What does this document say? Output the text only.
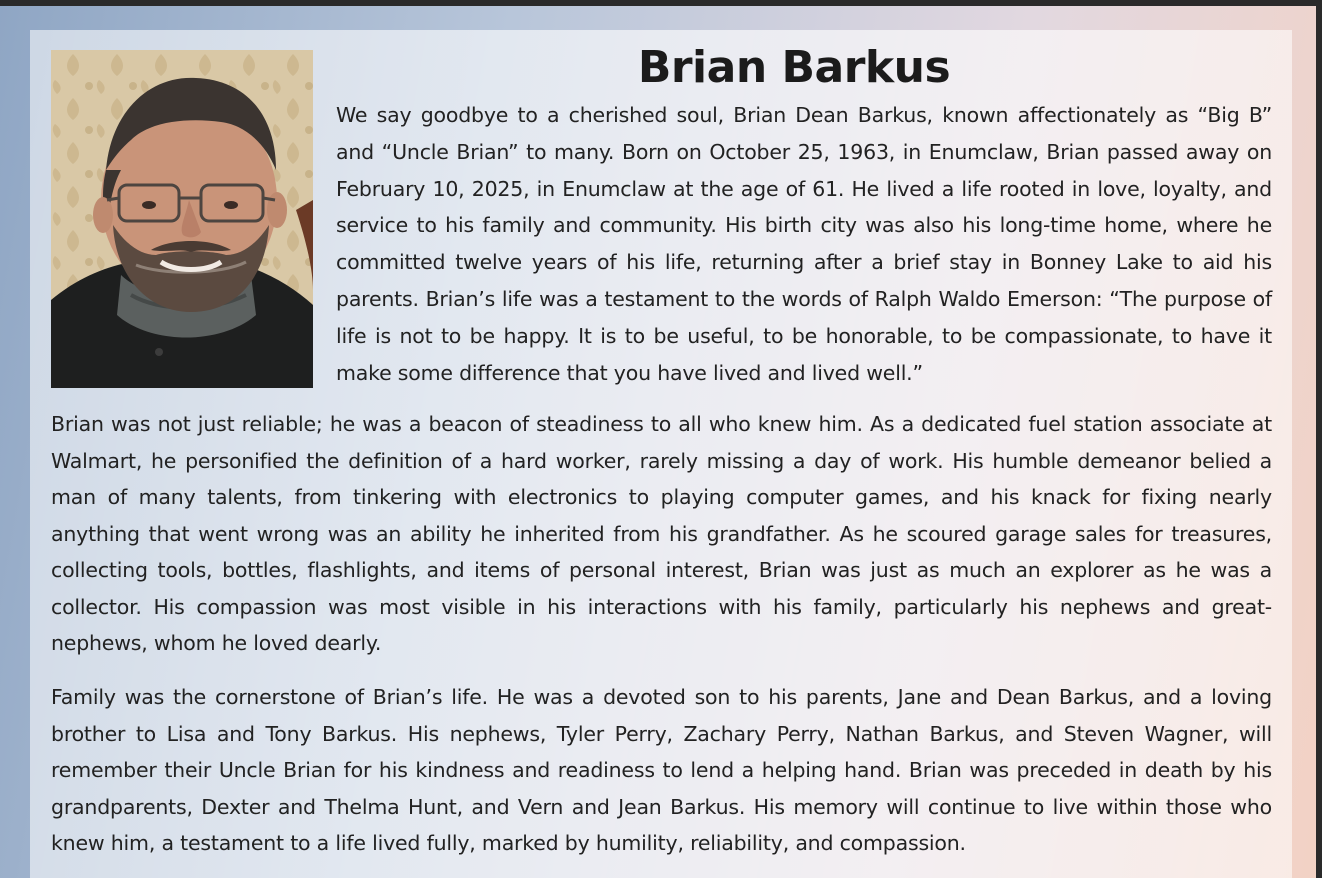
Brian Barkus

We say goodbye to a cherished soul, Brian Dean Barkus, known affectionately as “Big B” and “Uncle Brian” to many. Born on October 25, 1963, in Enumclaw, Brian passed away on February 10, 2025, in Enumclaw at the age of 61. He lived a life rooted in love, loyalty, and service to his family and community. His birth city was also his long-time home, where he committed twelve years of his life, returning after a brief stay in Bonney Lake to aid his parents. Brian’s life was a testament to the words of Ralph Waldo Emerson: “The purpose of life is not to be happy. It is to be useful, to be honorable, to be compassionate, to have it make some difference that you have lived and lived well.”

Brian was not just reliable; he was a beacon of steadiness to all who knew him. As a dedicated fuel station associate at Walmart, he personified the definition of a hard worker, rarely missing a day of work. His humble demeanor belied a man of many talents, from tinkering with electronics to playing computer games, and his knack for fixing nearly anything that went wrong was an ability he inherited from his grandfather. As he scoured garage sales for treasures, collecting tools, bottles, flashlights, and items of personal interest, Brian was just as much an explorer as he was a collector. His compassion was most visible in his interactions with his family, particularly his nephews and great-nephews, whom he loved dearly.

Family was the cornerstone of Brian’s life. He was a devoted son to his parents, Jane and Dean Barkus, and a loving brother to Lisa and Tony Barkus. His nephews, Tyler Perry, Zachary Perry, Nathan Barkus, and Steven Wagner, will remember their Uncle Brian for his kindness and readiness to lend a helping hand. Brian was preceded in death by his grandparents, Dexter and Thelma Hunt, and Vern and Jean Barkus. His memory will continue to live within those who knew him, a testament to a life lived fully, marked by humility, reliability, and compassion.
